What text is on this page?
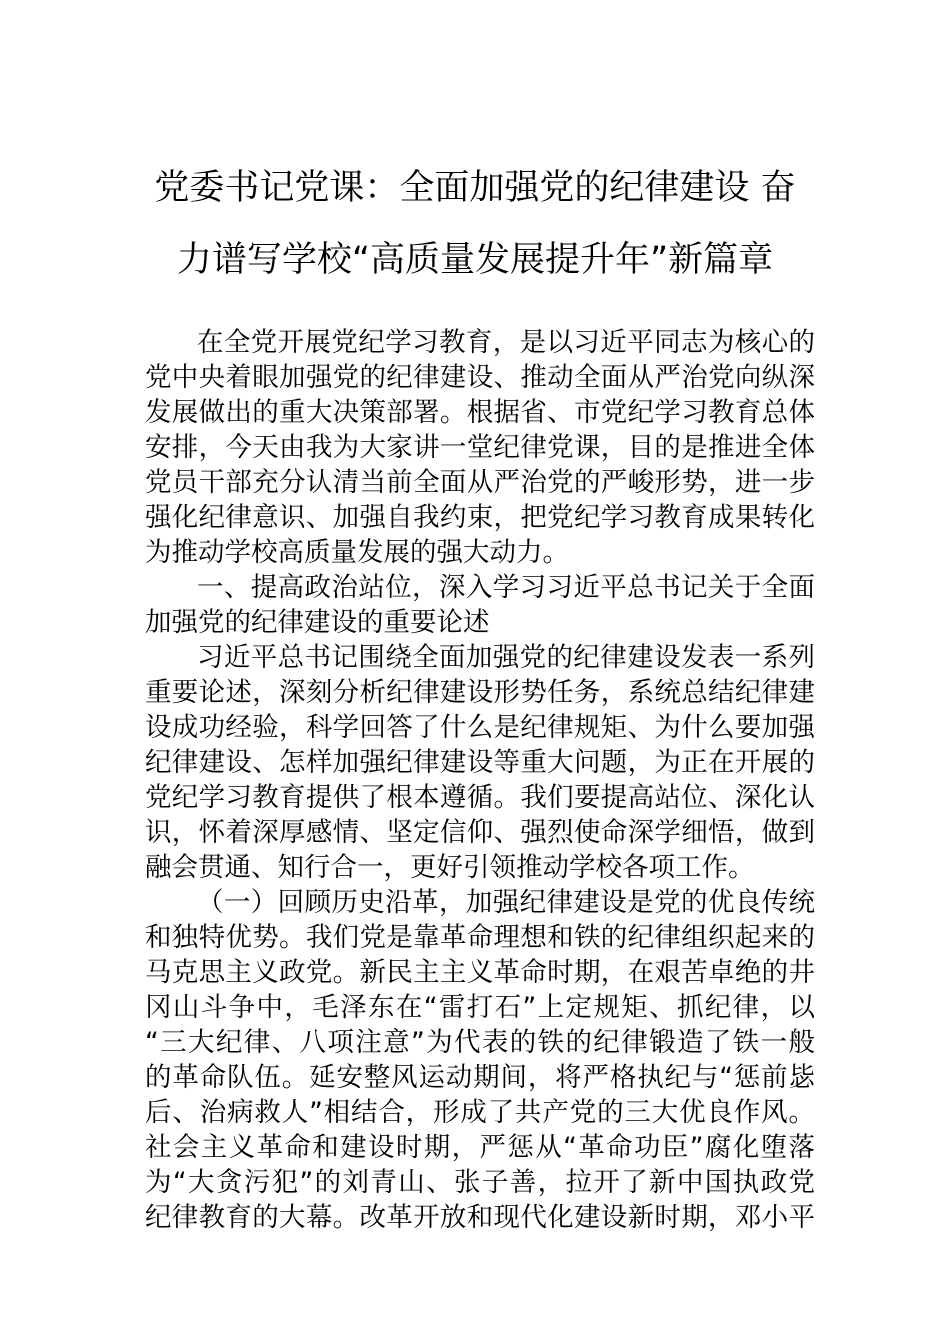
党委书记党课：全面加强党的纪律建设 奋
力谱写学校“高质量发展提升年”新篇章
在全党开展党纪学习教育，是以习近平同志为核心的
党中央着眼加强党的纪律建设、推动全面从严治党向纵深
发展做出的重大决策部署。根据省、市党纪学习教育总体
安排，今天由我为大家讲一堂纪律党课，目的是推进全体
党员干部充分认清当前全面从严治党的严峻形势，进一步
强化纪律意识、加强自我约束，把党纪学习教育成果转化
为推动学校高质量发展的强大动力。
一、提高政治站位，深入学习习近平总书记关于全面
加强党的纪律建设的重要论述
习近平总书记围绕全面加强党的纪律建设发表一系列
重要论述，深刻分析纪律建设形势任务，系统总结纪律建
设成功经验，科学回答了什么是纪律规矩、为什么要加强
纪律建设、怎样加强纪律建设等重大问题，为正在开展的
党纪学习教育提供了根本遵循。我们要提高站位、深化认
识，怀着深厚感情、坚定信仰、强烈使命深学细悟，做到
融会贯通、知行合一，更好引领推动学校各项工作。
（一）回顾历史沿革，加强纪律建设是党的优良传统
和独特优势。我们党是靠革命理想和铁的纪律组织起来的
马克思主义政党。新民主主义革命时期，在艰苦卓绝的井
冈山斗争中，毛泽东在“雷打石”上定规矩、抓纪律，以
“三大纪律、八项注意”为代表的铁的纪律锻造了铁一般
的革命队伍。延安整风运动期间，将严格执纪与“惩前毖
后、治病救人”相结合，形成了共产党的三大优良作风。
社会主义革命和建设时期，严惩从“革命功臣”腐化堕落
为“大贪污犯”的刘青山、张子善，拉开了新中国执政党
纪律教育的大幕。改革开放和现代化建设新时期，邓小平
